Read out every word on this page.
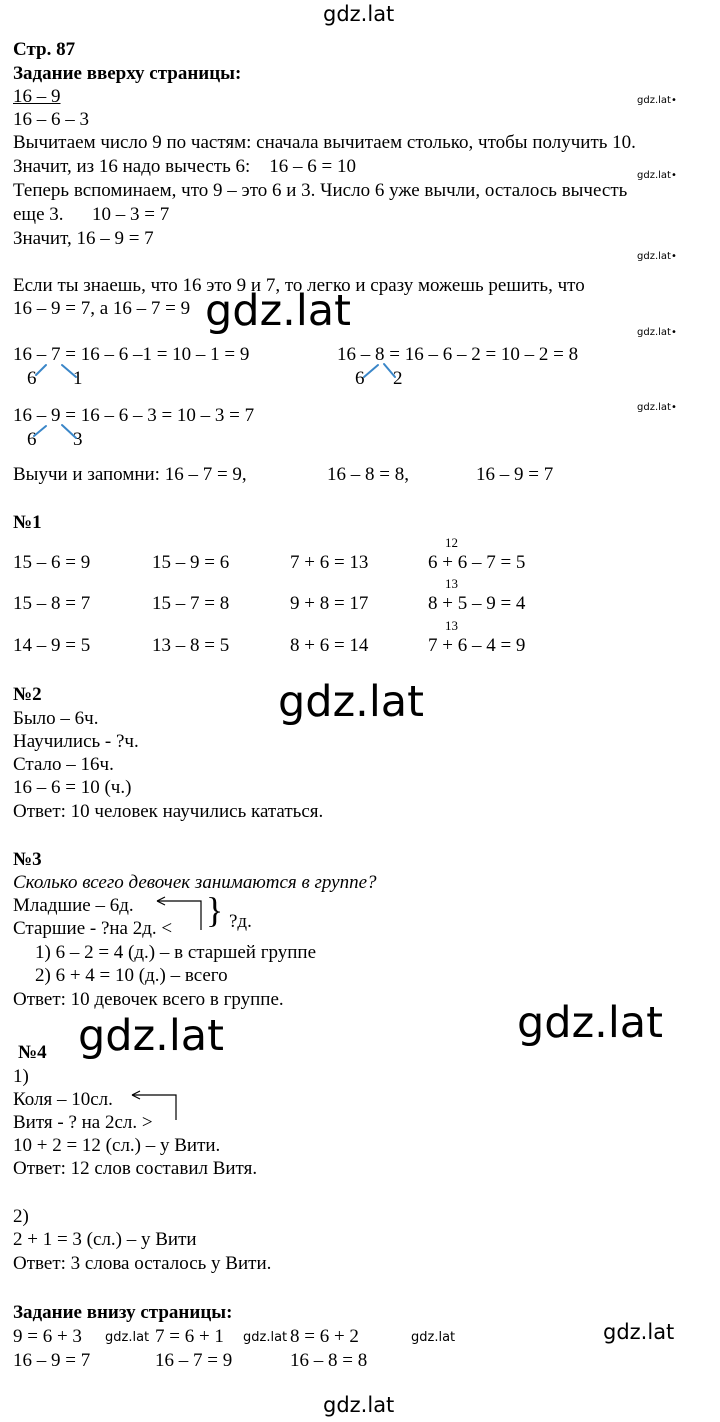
gdz.lat
gdz.lat•
gdz.lat•
gdz.lat•
gdz.lat•
gdz.lat•
Стр. 87
Задание вверху страницы:
16 – 9
16 – 6 – 3
Вычитаем число 9 по частям: сначала вычитаем столько, чтобы получить 10.
Значит, из 16 надо вычесть 6:    16 – 6 = 10
Теперь вспоминаем, что 9 – это 6 и 3. Число 6 уже вычли, осталось вычесть
еще 3.      10 – 3 = 7
Значит, 16 – 9 = 7
Если ты знаешь, что 16 это 9 и 7, то легко и сразу можешь решить, что
16 – 9 = 7, а 16 – 7 = 9 gdz.lat
16 – 7 = 16 – 6 –1 = 10 – 1 = 9
6 1
16 – 8 = 16 – 6 – 2 = 10 – 2 = 8
6 2
16 – 9 = 16 – 6 – 3 = 10 – 3 = 7
6 3
Выучи и запомни: 16 – 7 = 9,	16 – 8 = 8,	16 – 9 = 7
№1
15 – 6 = 9	15 – 9 = 6	7 + 6 = 13	6 + 6 – 7 = 5
12
15 – 8 = 7	15 – 7 = 8	9 + 8 = 17	8 + 5 – 9 = 4
13
14 – 9 = 5	13 – 8 = 5	8 + 6 = 14	7 + 6 – 4 = 9
13
№2	gdz.lat
Было – 6ч.
Научились - ?ч.
Стало – 16ч.
16 – 6 = 10 (ч.)
Ответ: 10 человек научились кататься.
№3
Сколько всего девочек занимаются в группе?
Младшие – 6д.
Старшие - ?на 2д. < } ?д.
1) 6 – 2 = 4 (д.) – в старшей группе
2) 6 + 4 = 10 (д.) – всего
Ответ: 10 девочек всего в группе.	gdz.lat
№4 gdz.lat
1)
Коля – 10сл.
Витя - ? на 2сл. >
10 + 2 = 12 (сл.) – у Вити.
Ответ: 12 слов составил Витя.
2)
2 + 1 = 3 (сл.) – у Вити
Ответ: 3 слова осталось у Вити.
Задание внизу страницы:
9 = 6 + 3 gdz.lat 7 = 6 + 1 gdz.lat 8 = 6 + 2	gdz.lat	gdz.lat
16 – 9 = 7	16 – 7 = 9	16 – 8 = 8
gdz.lat
